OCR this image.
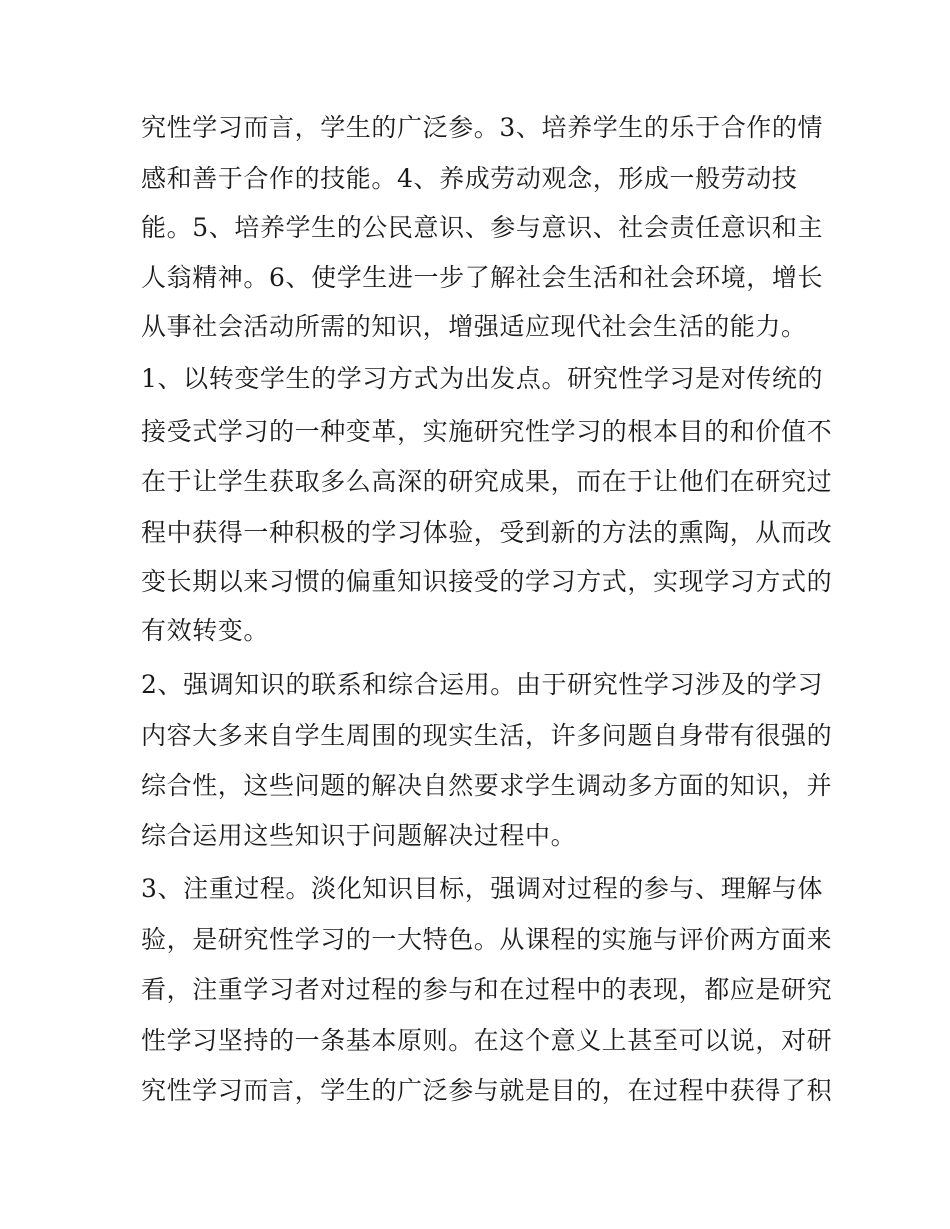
究性学习而言，学生的广泛参。3、培养学生的乐于合作的情
感和善于合作的技能。4、养成劳动观念，形成一般劳动技
能。5、培养学生的公民意识、参与意识、社会责任意识和主
人翁精神。6、使学生进一步了解社会生活和社会环境，增长
从事社会活动所需的知识，增强适应现代社会生活的能力。
1、以转变学生的学习方式为出发点。研究性学习是对传统的
接受式学习的一种变革，实施研究性学习的根本目的和价值不
在于让学生获取多么高深的研究成果，而在于让他们在研究过
程中获得一种积极的学习体验，受到新的方法的熏陶，从而改
变长期以来习惯的偏重知识接受的学习方式，实现学习方式的
有效转变。
2、强调知识的联系和综合运用。由于研究性学习涉及的学习
内容大多来自学生周围的现实生活，许多问题自身带有很强的
综合性，这些问题的解决自然要求学生调动多方面的知识，并
综合运用这些知识于问题解决过程中。
3、注重过程。淡化知识目标，强调对过程的参与、理解与体
验，是研究性学习的一大特色。从课程的实施与评价两方面来
看，注重学习者对过程的参与和在过程中的表现，都应是研究
性学习坚持的一条基本原则。在这个意义上甚至可以说，对研
究性学习而言，学生的广泛参与就是目的，在过程中获得了积
